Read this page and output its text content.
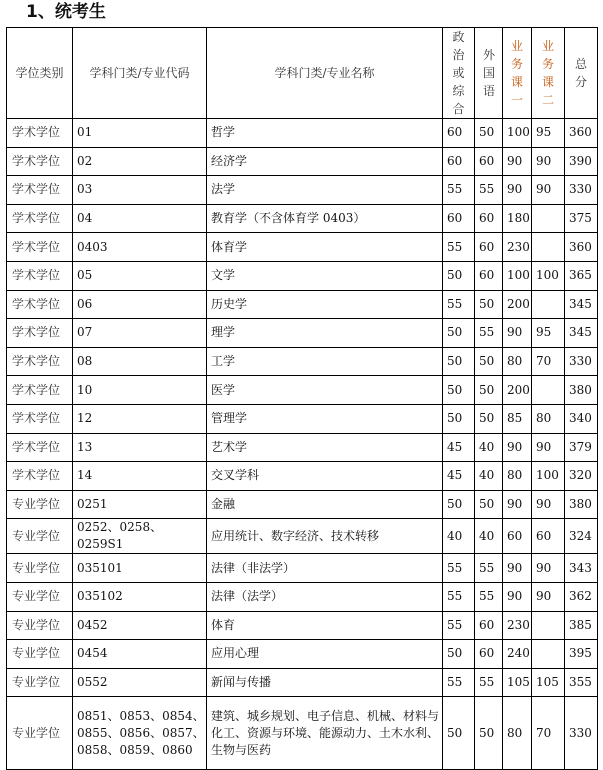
1、统考生
学位类别	学科门类/专业代码	学科门类/专业名称	政治或综合	外国语	业务课一	业务课二	总分
学术学位	01	哲学	60	50	100	95	360
学术学位	02	经济学	60	60	90	90	390
学术学位	03	法学	55	55	90	90	330
学术学位	04	教育学（不含体育学 0403）	60	60	180		375
学术学位	0403	体育学	55	60	230		360
学术学位	05	文学	50	60	100	100	365
学术学位	06	历史学	55	50	200		345
学术学位	07	理学	50	55	90	95	345
学术学位	08	工学	50	50	80	70	330
学术学位	10	医学	50	50	200		380
学术学位	12	管理学	50	50	85	80	340
学术学位	13	艺术学	45	40	90	90	379
学术学位	14	交叉学科	45	40	80	100	320
专业学位	0251	金融	50	50	90	90	380
专业学位	0252、0258、0259S1	应用统计、数字经济、技术转移	40	40	60	60	324
专业学位	035101	法律（非法学）	55	55	90	90	343
专业学位	035102	法律（法学）	55	55	90	90	362
专业学位	0452	体育	55	60	230		385
专业学位	0454	应用心理	50	60	240		395
专业学位	0552	新闻与传播	55	55	105	105	355
专业学位	0851、0853、0854、0855、0856、0857、0858、0859、0860	建筑、城乡规划、电子信息、机械、材料与化工、资源与环境、能源动力、土木水利、生物与医药	50	50	80	70	330
